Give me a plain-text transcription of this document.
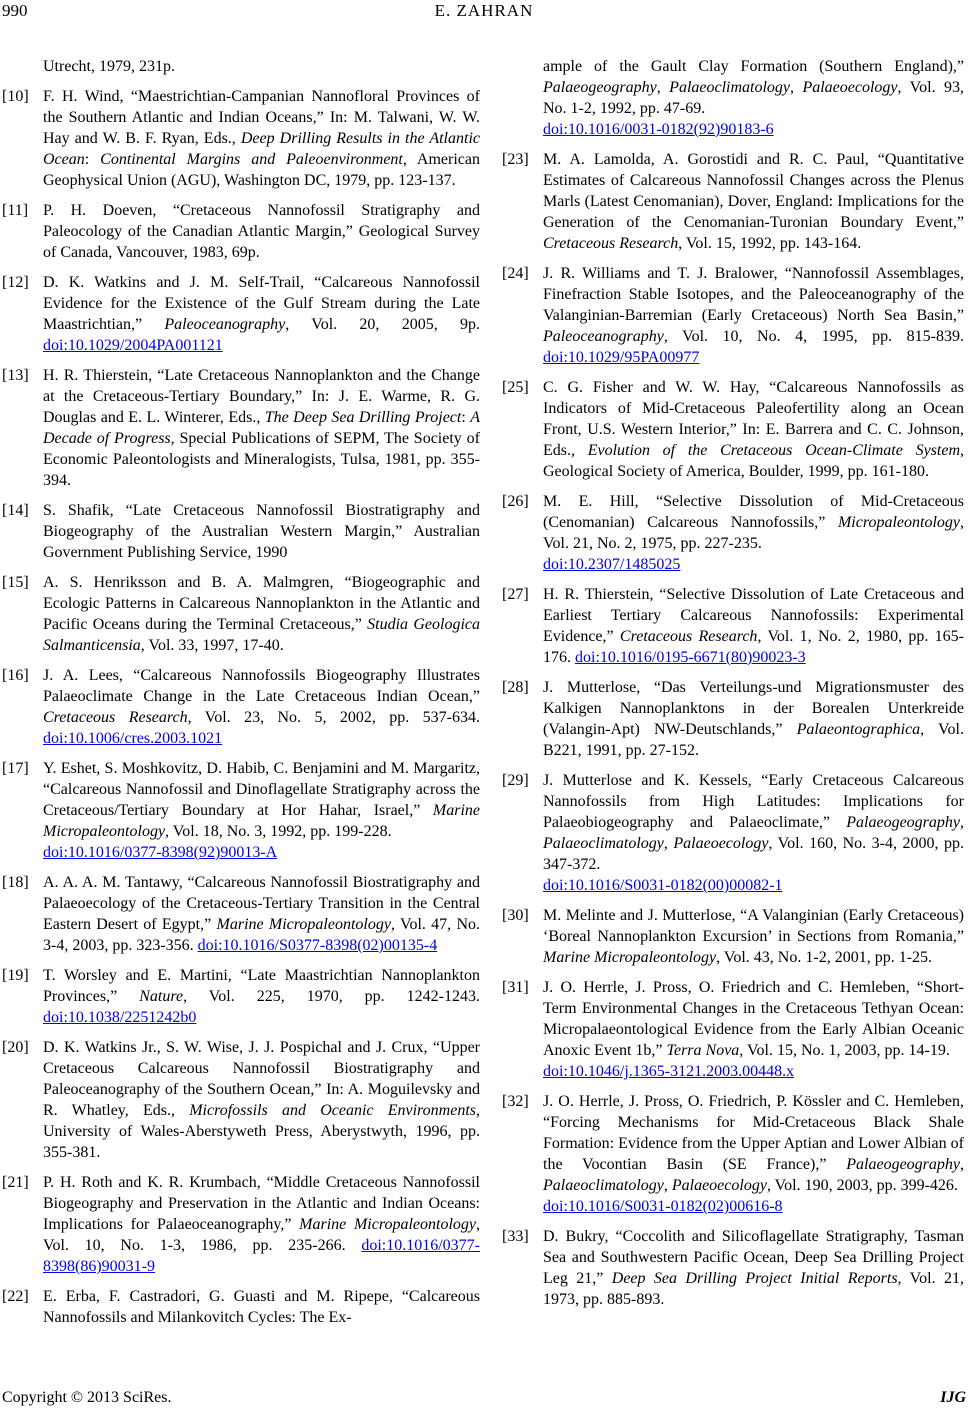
990	E. ZAHRAN
Utrecht, 1979, 231p.
[10] F. H. Wind, “Maestrichtian-Campanian Nannofloral Provinces of the Southern Atlantic and Indian Oceans,” In: M. Talwani, W. W. Hay and W. B. F. Ryan, Eds., Deep Drilling Results in the Atlantic Ocean: Continental Margins and Paleoenvironment, American Geophysical Union (AGU), Washington DC, 1979, pp. 123-137.
[11] P. H. Doeven, “Cretaceous Nannofossil Stratigraphy and Paleocology of the Canadian Atlantic Margin,” Geological Survey of Canada, Vancouver, 1983, 69p.
[12] D. K. Watkins and J. M. Self-Trail, “Calcareous Nannofossil Evidence for the Existence of the Gulf Stream during the Late Maastrichtian,” Paleoceanography, Vol. 20, 2005, 9p. doi:10.1029/2004PA001121
[13] H. R. Thierstein, “Late Cretaceous Nannoplankton and the Change at the Cretaceous-Tertiary Boundary,” In: J. E. Warme, R. G. Douglas and E. L. Winterer, Eds., The Deep Sea Drilling Project: A Decade of Progress, Special Publications of SEPM, The Society of Economic Paleontologists and Mineralogists, Tulsa, 1981, pp. 355-394.
[14] S. Shafik, “Late Cretaceous Nannofossil Biostratigraphy and Biogeography of the Australian Western Margin,” Australian Government Publishing Service, 1990
[15] A. S. Henriksson and B. A. Malmgren, “Biogeographic and Ecologic Patterns in Calcareous Nannoplankton in the Atlantic and Pacific Oceans during the Terminal Cretaceous,” Studia Geologica Salmanticensia, Vol. 33, 1997, 17-40.
[16] J. A. Lees, “Calcareous Nannofossils Biogeography Illustrates Palaeoclimate Change in the Late Cretaceous Indian Ocean,” Cretaceous Research, Vol. 23, No. 5, 2002, pp. 537-634. doi:10.1006/cres.2003.1021
[17] Y. Eshet, S. Moshkovitz, D. Habib, C. Benjamini and M. Margaritz, “Calcareous Nannofossil and Dinoflagellate Stratigraphy across the Cretaceous/Tertiary Boundary at Hor Hahar, Israel,” Marine Micropaleontology, Vol. 18, No. 3, 1992, pp. 199-228.
doi:10.1016/0377-8398(92)90013-A
[18] A. A. A. M. Tantawy, “Calcareous Nannofossil Biostratigraphy and Palaeoecology of the Cretaceous-Tertiary Transition in the Central Eastern Desert of Egypt,” Marine Micropaleontology, Vol. 47, No. 3-4, 2003, pp. 323-356. doi:10.1016/S0377-8398(02)00135-4
[19] T. Worsley and E. Martini, “Late Maastrichtian Nannoplankton Provinces,” Nature, Vol. 225, 1970, pp. 1242-1243. doi:10.1038/2251242b0
[20] D. K. Watkins Jr., S. W. Wise, J. J. Pospichal and J. Crux, “Upper Cretaceous Calcareous Nannofossil Biostratigraphy and Paleoceanography of the Southern Ocean,” In: A. Moguilevsky and R. Whatley, Eds., Microfossils and Oceanic Environments, University of Wales-Aberstyweth Press, Aberystwyth, 1996, pp. 355-381.
[21] P. H. Roth and K. R. Krumbach, “Middle Cretaceous Nannofossil Biogeography and Preservation in the Atlantic and Indian Oceans: Implications for Palaeoceanography,” Marine Micropaleontology, Vol. 10, No. 1-3, 1986, pp. 235-266. doi:10.1016/0377-8398(86)90031-9
[22] E. Erba, F. Castradori, G. Guasti and M. Ripepe, “Calcareous Nannofossils and Milankovitch Cycles: The Ex-
ample of the Gault Clay Formation (Southern England),” Palaeogeography, Palaeoclimatology, Palaeoecology, Vol. 93, No. 1-2, 1992, pp. 47-69.
doi:10.1016/0031-0182(92)90183-6
[23] M. A. Lamolda, A. Gorostidi and R. C. Paul, “Quantitative Estimates of Calcareous Nannofossil Changes across the Plenus Marls (Latest Cenomanian), Dover, England: Implications for the Generation of the Cenomanian-Turonian Boundary Event,” Cretaceous Research, Vol. 15, 1992, pp. 143-164.
[24] J. R. Williams and T. J. Bralower, “Nannofossil Assemblages, Finefraction Stable Isotopes, and the Paleoceanography of the Valanginian-Barremian (Early Cretaceous) North Sea Basin,” Paleoceanography, Vol. 10, No. 4, 1995, pp. 815-839. doi:10.1029/95PA00977
[25] C. G. Fisher and W. W. Hay, “Calcareous Nannofossils as Indicators of Mid-Cretaceous Paleofertility along an Ocean Front, U.S. Western Interior,” In: E. Barrera and C. C. Johnson, Eds., Evolution of the Cretaceous Ocean-Climate System, Geological Society of America, Boulder, 1999, pp. 161-180.
[26] M. E. Hill, “Selective Dissolution of Mid-Cretaceous (Cenomanian) Calcareous Nannofossils,” Micropaleontology, Vol. 21, No. 2, 1975, pp. 227-235.
doi:10.2307/1485025
[27] H. R. Thierstein, “Selective Dissolution of Late Cretaceous and Earliest Tertiary Calcareous Nannofossils: Experimental Evidence,” Cretaceous Research, Vol. 1, No. 2, 1980, pp. 165-176. doi:10.1016/0195-6671(80)90023-3
[28] J. Mutterlose, “Das Verteilungs-und Migrationsmuster des Kalkigen Nannoplanktons in der Borealen Unterkreide (Valangin-Apt) NW-Deutschlands,” Palaeontographica, Vol. B221, 1991, pp. 27-152.
[29] J. Mutterlose and K. Kessels, “Early Cretaceous Calcareous Nannofossils from High Latitudes: Implications for Palaeobiogeography and Palaeoclimate,” Palaeogeography, Palaeoclimatology, Palaeoecology, Vol. 160, No. 3-4, 2000, pp. 347-372.
doi:10.1016/S0031-0182(00)00082-1
[30] M. Melinte and J. Mutterlose, “A Valanginian (Early Cretaceous) ‘Boreal Nannoplankton Excursion’ in Sections from Romania,” Marine Micropaleontology, Vol. 43, No. 1-2, 2001, pp. 1-25.
[31] J. O. Herrle, J. Pross, O. Friedrich and C. Hemleben, “Short-Term Environmental Changes in the Cretaceous Tethyan Ocean: Micropalaeontological Evidence from the Early Albian Oceanic Anoxic Event 1b,” Terra Nova, Vol. 15, No. 1, 2003, pp. 14-19.
doi:10.1046/j.1365-3121.2003.00448.x
[32] J. O. Herrle, J. Pross, O. Friedrich, P. Kössler and C. Hemleben, “Forcing Mechanisms for Mid-Cretaceous Black Shale Formation: Evidence from the Upper Aptian and Lower Albian of the Vocontian Basin (SE France),” Palaeogeography, Palaeoclimatology, Palaeoecology, Vol. 190, 2003, pp. 399-426.
doi:10.1016/S0031-0182(02)00616-8
[33] D. Bukry, “Coccolith and Silicoflagellate Stratigraphy, Tasman Sea and Southwestern Pacific Ocean, Deep Sea Drilling Project Leg 21,” Deep Sea Drilling Project Initial Reports, Vol. 21, 1973, pp. 885-893.
Copyright © 2013 SciRes.	IJG
